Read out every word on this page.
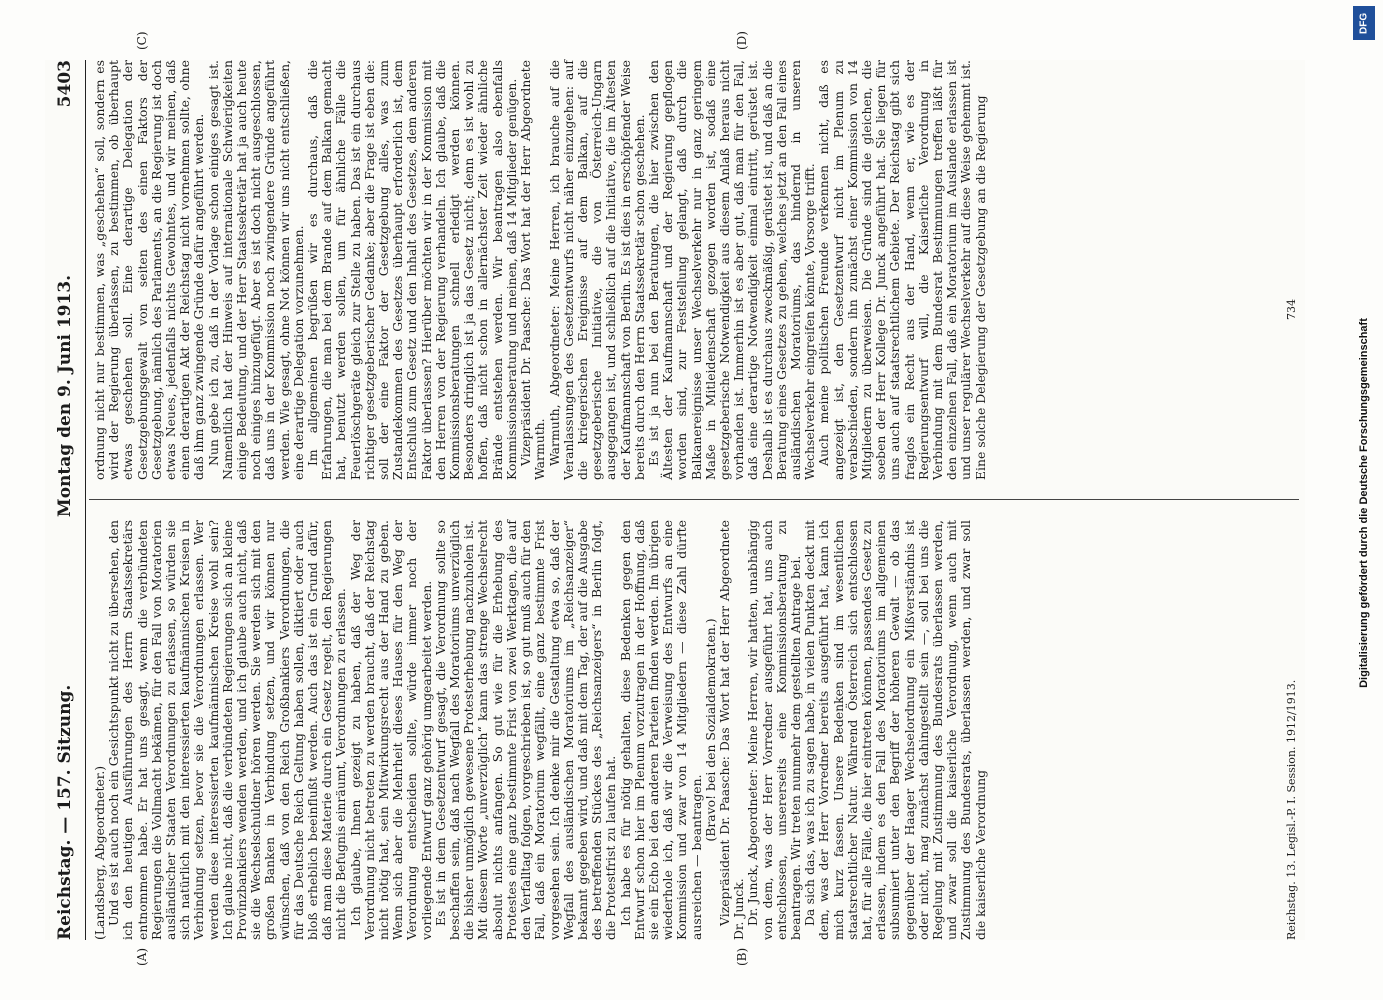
Reichstag. — 157. Sitzung.
Montag den 9. Juni 1913.
5403
(A)	(B)
(C)	(D)

(Landsberg, Abgeordneter.) Und es ist auch noch ein Gesichtspunkt nicht zu übersehen, den ich den heutigen Ausführungen des Herrn Staatssekretärs entnommen habe. Er hat uns gesagt, wenn die verbündeten Regierungen die Vollmacht bekämen, für den Fall von Moratorien ausländischer Staaten Verordnungen zu erlassen, so würden sie sich natürlich mit den interessierten kaufmännischen Kreisen in Verbindung setzen, bevor sie die Verordnungen erlassen. Wer werden diese interessierten kaufmännischen Kreise wohl sein? Ich glaube nicht, daß die verbündeten Regierungen sich an kleine Provinzbankiers wenden werden, und ich glaube auch nicht, daß sie die Wechselschuldner hören werden. Sie werden sich mit den großen Banken in Verbindung setzen, und wir können nur wünschen, daß von den Reich Großbankiers Verordnungen, die für das Deutsche Reich Geltung haben sollen, diktiert oder auch bloß erheblich beeinflußt werden. Auch das ist ein Grund dafür, daß man diese Materie durch ein Gesetz regelt, den Regierungen nicht die Befugnis einräumt, Verordnungen zu erlassen. Ich glaube, Ihnen gezeigt zu haben, daß der Weg der Verordnung nicht betreten zu werden braucht, daß der Reichstag nicht nötig hat, sein Mitwirkungsrecht aus der Hand zu geben. Wenn sich aber die Mehrheit dieses Hauses für den Weg der Verordnung entscheiden sollte, würde immer noch der vorliegende Entwurf ganz gehörig umgearbeitet werden. Es ist in dem Gesetzentwurf gesagt, die Verordnung sollte so beschaffen sein, daß nach Wegfall des Moratoriums unverzüglich die bisher unmöglich gewesene Protesterhebung nachzuholen ist. Mit diesem Worte „unverzüglich“ kann das strenge Wechselrecht absolut nichts anfangen. So gut wie für die Erhebung des Protestes eine ganz bestimmte Frist von zwei Werktagen, die auf den Verfalltag folgen, vorgeschrieben ist, so gut muß auch für den Fall, daß ein Moratorium wegfällt, eine ganz bestimmte Frist vorgesehen sein. Ich denke mir die Gestaltung etwa so, daß der Wegfall des ausländischen Moratoriums im „Reichsanzeiger“ bekannt gegeben wird, und daß mit dem Tag, der auf die Ausgabe des betreffenden Stückes des „Reichsanzeigers“ in Berlin folgt, die Protestfrist zu laufen hat. Ich habe es für nötig gehalten, diese Bedenken gegen den Entwurf schon hier im Plenum vorzutragen in der Hoffnung, daß sie ein Echo bei den anderen Parteien finden werden. Im übrigen wiederhole ich, daß wir die Verweisung des Entwurfs an eine Kommission und zwar von 14 Mitgliedern — diese Zahl dürfte ausreichen — beantragen.

(Bravo! bei den Sozialdemokraten.) Vizepräsident Dr. Paasche: Das Wort hat der Herr Abgeordnete Dr. Junck. Dr. Junck, Abgeordneter: Meine Herren, wir hatten, unabhängig von dem, was der Herr Vorredner ausgeführt hat, uns auch entschlossen, unsererseits eine Kommissionsberatung zu beantragen. Wir treten nunmehr dem gestellten Antrage bei. Da sich das, was ich zu sagen habe, in vielen Punkten deckt mit dem, was der Herr Vorredner bereits ausgeführt hat, kann ich mich kurz fassen. Unsere Bedenken sind im wesentlichen staatsrechtlicher Natur. Während Österreich sich entschlossen hat, für alle Fälle, die hier eintreten können, passendes Gesetz zu erlassen, indem es den Fall des Moratoriums im allgemeinen subsumiert unter den Begriff der höheren Gewalt — ob das gegenüber der Haager Wechselordnung ein Mißverständnis ist oder nicht, mag zunächst dahingestellt sein —, soll bei uns die Regelung mit Zustimmung des Bundesrats überlassen werden, und zwar soll die kaiserliche Verordnung, wenn auch mit Zustimmung des Bundesrats, überlassen werden, und zwar soll die kaiserliche Verordnung

ordnung nicht nur bestimmen, was „geschehen“ soll, sondern es wird der Regierung überlassen, zu bestimmen, ob überhaupt etwas geschehen soll. Eine derartige Delegation der Gesetzgebungsgewalt von seiten des einen Faktors der Gesetzgebung, nämlich des Parlaments, an die Regierung ist doch etwas Neues, jedenfalls nichts Gewohntes, und wir meinen, daß einen derartigen Akt der Reichstag nicht vornehmen sollte, ohne daß ihm ganz zwingende Gründe dafür angeführt werden. Nun gebe ich zu, daß in der Vorlage schon einiges gesagt ist. Namentlich hat der Hinweis auf internationale Schwierigkeiten einige Bedeutung, und der Herr Staatssekretär hat ja auch heute noch einiges hinzugefügt. Aber es ist doch nicht ausgeschlossen, daß uns in der Kommission noch zwingendere Gründe angeführt werden. Wie gesagt, ohne Not können wir uns nicht entschließen, eine derartige Delegation vorzunehmen. Im allgemeinen begrüßen wir es durchaus, daß die Erfahrungen, die man bei dem Brande auf dem Balkan gemacht hat, benutzt werden sollen, um für ähnliche Fälle die Feuerlöschgeräte gleich zur Stelle zu haben. Das ist ein durchaus richtiger gesetzgeberischer Gedanke; aber die Frage ist eben die: soll der eine Faktor der Gesetzgebung alles, was zum Zustandekommen des Gesetzes überhaupt erforderlich ist, dem Entschluß zum Gesetz und den Inhalt des Gesetzes, dem anderen Faktor überlassen? Hierüber möchten wir in der Kommission mit den Herren von der Regierung verhandeln. Ich glaube, daß die Kommissionsberatungen schnell erledigt werden können. Besonders dringlich ist ja das Gesetz nicht; denn es ist wohl zu hoffen, daß nicht schon in allernächster Zeit wieder ähnliche Brände entstehen werden. Wir beantragen also ebenfalls Kommissionsberatung und meinen, daß 14 Mitglieder genügen. Vizepräsident Dr. Paasche: Das Wort hat der Herr Abgeordnete Warmuth. Warmuth, Abgeordneter: Meine Herren, ich brauche auf die Veranlassungen des Gesetzentwurfs nicht näher einzugehen: auf die kriegerischen Ereignisse auf dem Balkan, auf die gesetzgeberische Initiative, die von Österreich-Ungarn ausgegangen ist, und schließlich auf die Initiative, die im Ältesten der Kaufmannschaft von Berlin. Es ist dies in erschöpfender Weise bereits durch den Herrn Staatssekretär schon geschehen. Es ist ja nun bei den Beratungen, die hier zwischen den Ältesten der Kaufmannschaft und der Regierung gepflogen worden sind, zur Feststellung gelangt, daß durch die Balkanereignisse unser Wechselverkehr nur in ganz geringem Maße in Mitleidenschaft gezogen worden ist, sodaß eine gesetzgeberische Notwendigkeit aus diesem Anlaß heraus nicht vorhanden ist. Immerhin ist es aber gut, daß man für den Fall, daß eine derartige Notwendigkeit einmal eintritt, gerüstet ist. Deshalb ist es durchaus zweckmäßig, gerüstet ist, und daß an die Beratung eines Gesetzes zu gehen, welches jetzt an den Fall eines ausländischen Moratoriums, das hindernd in unseren Wechselverkehr eingreifen könnte, Vorsorge trifft. Auch meine politischen Freunde verkennen nicht, daß es angezeigt ist, den Gesetzentwurf nicht im Plenum zu verabschieden, sondern ihn zunächst einer Kommission von 14 Mitgliedern zu überweisen. Die Gründe sind die gleichen, die soeben der Herr Kollege Dr. Junck angeführt hat. Sie liegen für uns auch auf staatsrechtlichem Gebiete. Der Reichstag gibt sich fraglos ein Recht aus der Hand, wenn er, wie es der Regierungsentwurf will, die Kaiserliche Verordnung in Verbindung mit dem Bundesrat Bestimmungen treffen läßt für den einzelnen Fall, daß ein Moratorium im Auslande erlassen ist und unser regulärer Wechselverkehr auf diese Weise gehemmt ist. Eine solche Delegierung der Gesetzgebung an die Regierung

Reichstag. 13. Legisl.-P. I. Session. 1912/1913.
734
DFG
Digitalisierung gefördert durch die Deutsche Forschungsgemeinschaft
